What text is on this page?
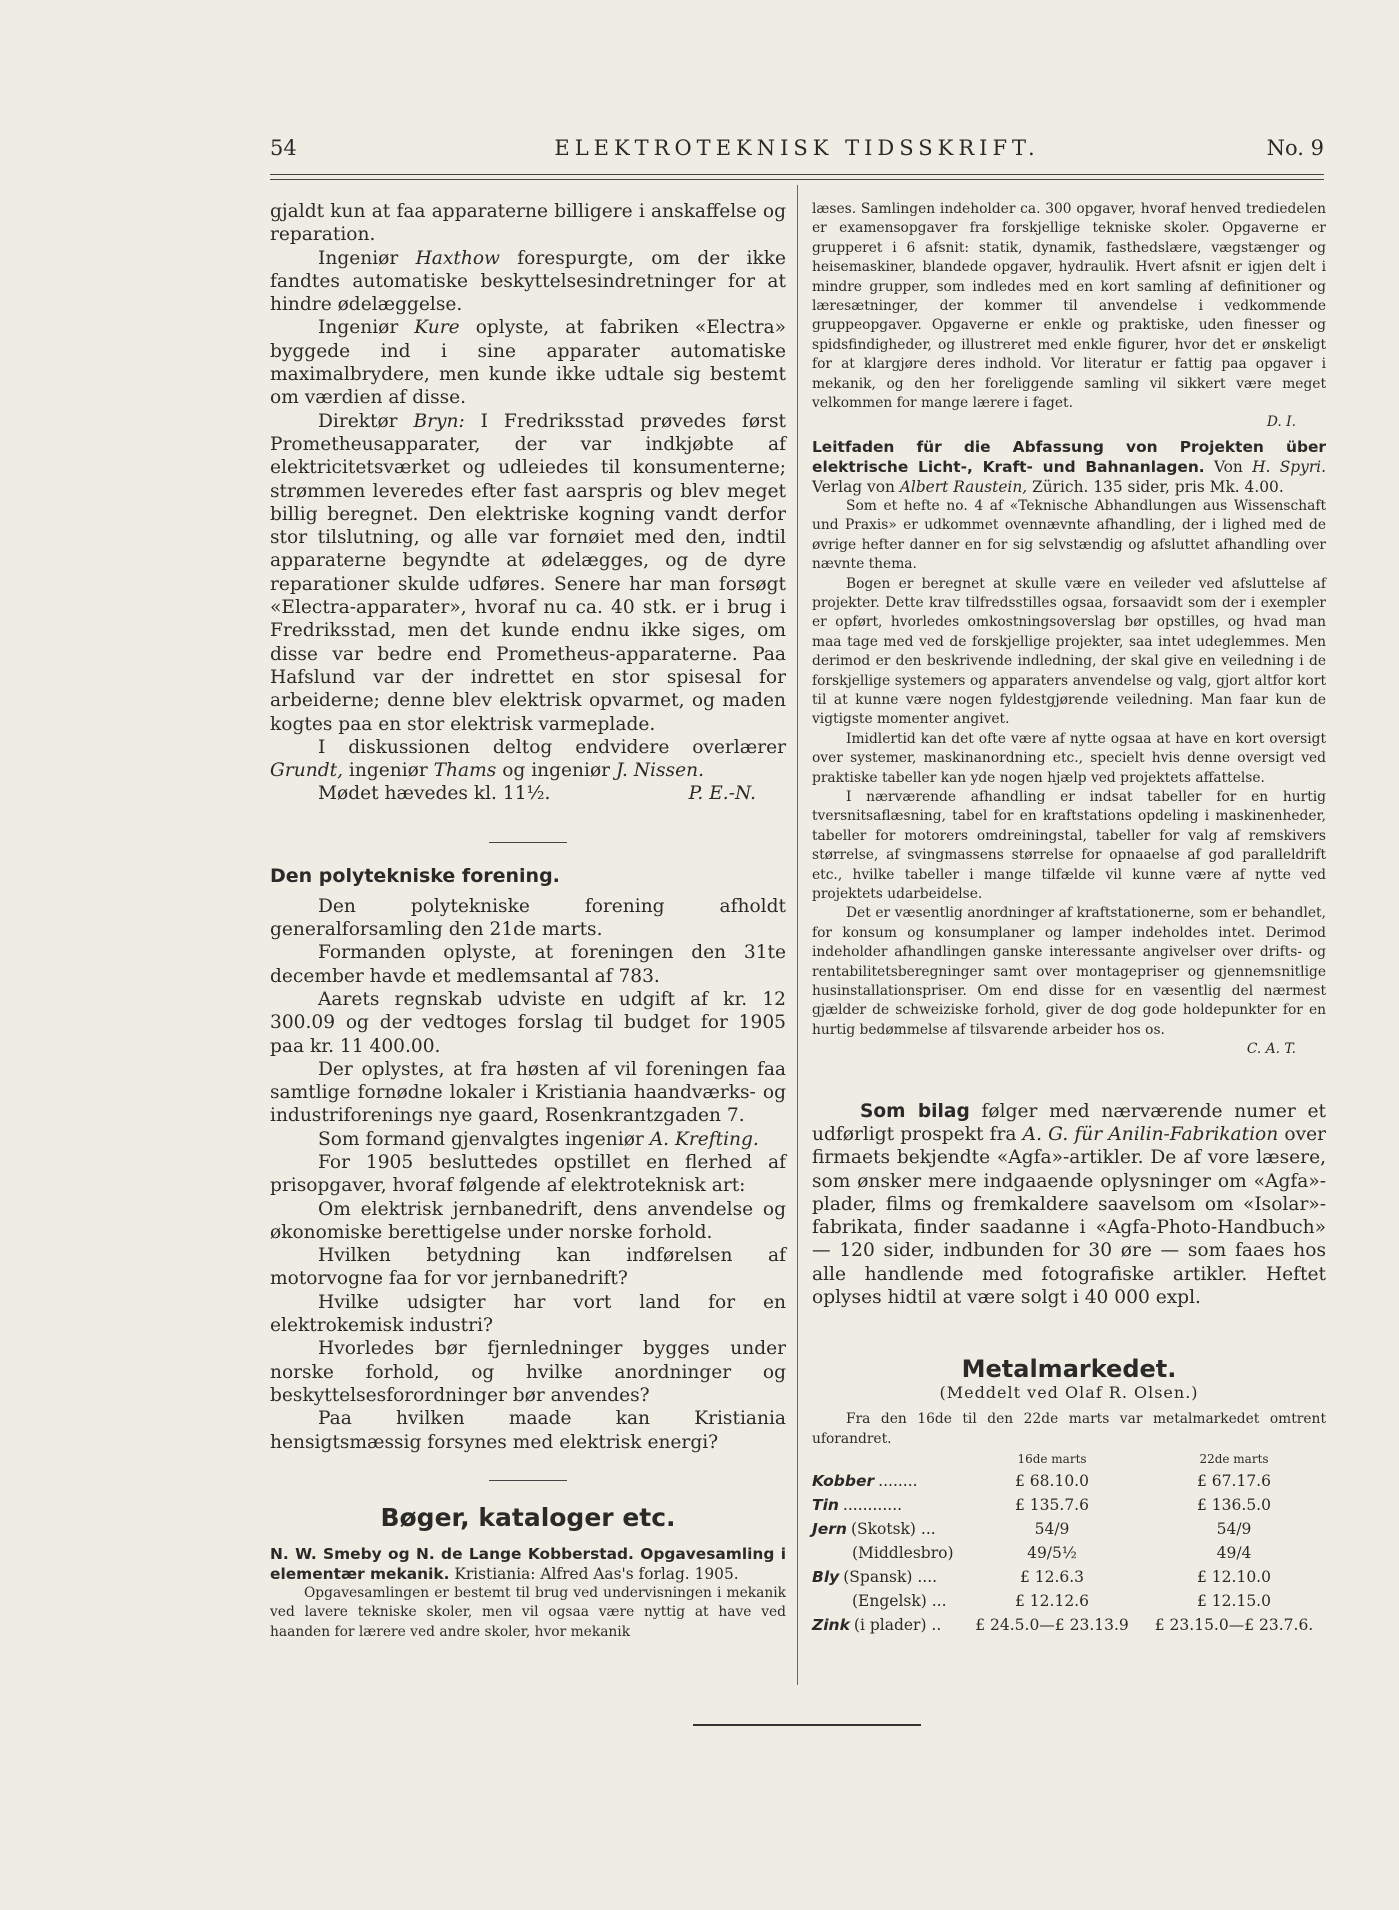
54	ELEKTROTEKNISK TIDSSKRIFT.	No. 9

gjaldt kun at faa apparaterne billigere i anskaffelse og reparation.

Ingeniør Haxthow forespurgte, om der ikke fandtes automatiske beskyttelsesindretninger for at hindre ødelæggelse.

Ingeniør Kure oplyste, at fabriken «Electra» byggede ind i sine apparater automatiske maximalbrydere, men kunde ikke udtale sig bestemt om værdien af disse.

Direktør Bryn: I Fredriksstad prøvedes først Prometheusapparater, der var indkjøbte af elektricitetsværket og udleiedes til konsumenterne; strømmen leveredes efter fast aarspris og blev meget billig beregnet. Den elektriske kogning vandt derfor stor tilslutning, og alle var fornøiet med den, indtil apparaterne begyndte at ødelægges, og de dyre reparationer skulde udføres. Senere har man forsøgt «Electra-apparater», hvoraf nu ca. 40 stk. er i brug i Fredriksstad, men det kunde endnu ikke siges, om disse var bedre end Prometheus-apparaterne. Paa Hafslund var der indrettet en stor spisesal for arbeiderne; denne blev elektrisk opvarmet, og maden kogtes paa en stor elektrisk varmeplade.

I diskussionen deltog endvidere overlærer Grundt, ingeniør Thams og ingeniør J. Nissen.

Mødet hævedes kl. 11½.	P. E.-N.
Den polytekniske forening.

Den polytekniske forening afholdt generalforsamling den 21de marts.

Formanden oplyste, at foreningen den 31te december havde et medlemsantal af 783.

Aarets regnskab udviste en udgift af kr. 12 300.09 og der vedtoges forslag til budget for 1905 paa kr. 11 400.00.

Der oplystes, at fra høsten af vil foreningen faa samtlige fornødne lokaler i Kristiania haandværks- og industriforenings nye gaard, Rosenkrantzgaden 7.

Som formand gjenvalgtes ingeniør A. Krefting.

For 1905 besluttedes opstillet en flerhed af prisopgaver, hvoraf følgende af elektroteknisk art:

Om elektrisk jernbanedrift, dens anvendelse og økonomiske berettigelse under norske forhold.

Hvilken betydning kan indførelsen af motorvogne faa for vor jernbanedrift?

Hvilke udsigter har vort land for en elektrokemisk industri?

Hvorledes bør fjernledninger bygges under norske forhold, og hvilke anordninger og beskyttelsesforordninger bør anvendes?

Paa hvilken maade kan Kristiania hensigtsmæssig forsynes med elektrisk energi?

Bøger, kataloger etc.

N. W. Smeby og N. de Lange Kobberstad. Opgavesamling i elementær mekanik. Kristiania: Alfred Aas's forlag. 1905.

Opgavesamlingen er bestemt til brug ved undervisningen i mekanik ved lavere tekniske skoler, men vil ogsaa være nyttig at have ved haanden for lærere ved andre skoler, hvor mekanik

læses. Samlingen indeholder ca. 300 opgaver, hvoraf henved trediedelen er examensopgaver fra forskjellige tekniske skoler. Opgaverne er grupperet i 6 afsnit: statik, dynamik, fasthedslære, vægstænger og heisemaskiner, blandede opgaver, hydraulik. Hvert afsnit er igjen delt i mindre grupper, som indledes med en kort samling af definitioner og læresætninger, der kommer til anvendelse i vedkommende gruppeopgaver. Opgaverne er enkle og praktiske, uden finesser og spidsfindigheder, og illustreret med enkle figurer, hvor det er ønskeligt for at klargjøre deres indhold. Vor literatur er fattig paa opgaver i mekanik, og den her foreliggende samling vil sikkert være meget velkommen for mange lærere i faget.

D. I.

Leitfaden für die Abfassung von Projekten über elektrische Licht-, Kraft- und Bahnanlagen. Von H. Spyri. Verlag von Albert Raustein, Zürich. 135 sider, pris Mk. 4.00.

Som et hefte no. 4 af «Teknische Abhandlungen aus Wissenschaft und Praxis» er udkommet ovennævnte afhandling, der i lighed med de øvrige hefter danner en for sig selvstændig og afsluttet afhandling over nævnte thema.

Bogen er beregnet at skulle være en veileder ved afsluttelse af projekter. Dette krav tilfredsstilles ogsaa, forsaavidt som der i exempler er opført, hvorledes omkostningsoverslag bør opstilles, og hvad man maa tage med ved de forskjellige projekter, saa intet udeglemmes. Men derimod er den beskrivende indledning, der skal give en veiledning i de forskjellige systemers og apparaters anvendelse og valg, gjort altfor kort til at kunne være nogen fyldestgjørende veiledning. Man faar kun de vigtigste momenter angivet.

Imidlertid kan det ofte være af nytte ogsaa at have en kort oversigt over systemer, maskinanordning etc., specielt hvis denne oversigt ved praktiske tabeller kan yde nogen hjælp ved projektets affattelse.

I nærværende afhandling er indsat tabeller for en hurtig tversnitsaflæsning, tabel for en kraftstations opdeling i maskinenheder, tabeller for motorers omdreiningstal, tabeller for valg af remskivers størrelse, af svingmassens størrelse for opnaaelse af god paralleldrift etc., hvilke tabeller i mange tilfælde vil kunne være af nytte ved projektets udarbeidelse.

Det er væsentlig anordninger af kraftstationerne, som er behandlet, for konsum og konsumplaner og lamper indeholdes intet. Derimod indeholder afhandlingen ganske interessante angivelser over drifts- og rentabilitetsberegninger samt over montagepriser og gjennemsnitlige husinstallationspriser. Om end disse for en væsentlig del nærmest gjælder de schweiziske forhold, giver de dog gode holdepunkter for en hurtig bedømmelse af tilsvarende arbeider hos os.

C. A. T.

Som bilag følger med nærværende numer et udførligt prospekt fra A. G. für Anilin-Fabrikation over firmaets bekjendte «Agfa»-artikler. De af vore læsere, som ønsker mere indgaaende oplysninger om «Agfa»-plader, films og fremkaldere saavelsom om «Isolar»-fabrikata, finder saadanne i «Agfa-Photo-Handbuch» — 120 sider, indbunden for 30 øre — som faaes hos alle handlende med fotografiske artikler. Heftet oplyses hidtil at være solgt i 40 000 expl.

Metalmarkedet.
(Meddelt ved Olaf R. Olsen.)

Fra den 16de til den 22de marts var metalmarkedet omtrent uforandret.

	16de marts	22de marts
Kobber ........	£ 68.10.0	£ 67.17.6
Tin ............	£ 135.7.6	£ 136.5.0
Jern (Skotsk) ...	54/9	54/9
(Middlesbro)	49/5½	49/4
Bly (Spansk) ....	£ 12.6.3	£ 12.10.0
(Engelsk) ...	£ 12.12.6	£ 12.15.0
Zink (i plader) ..	£ 24.5.0—£ 23.13.9	£ 23.15.0—£ 23.7.6.
